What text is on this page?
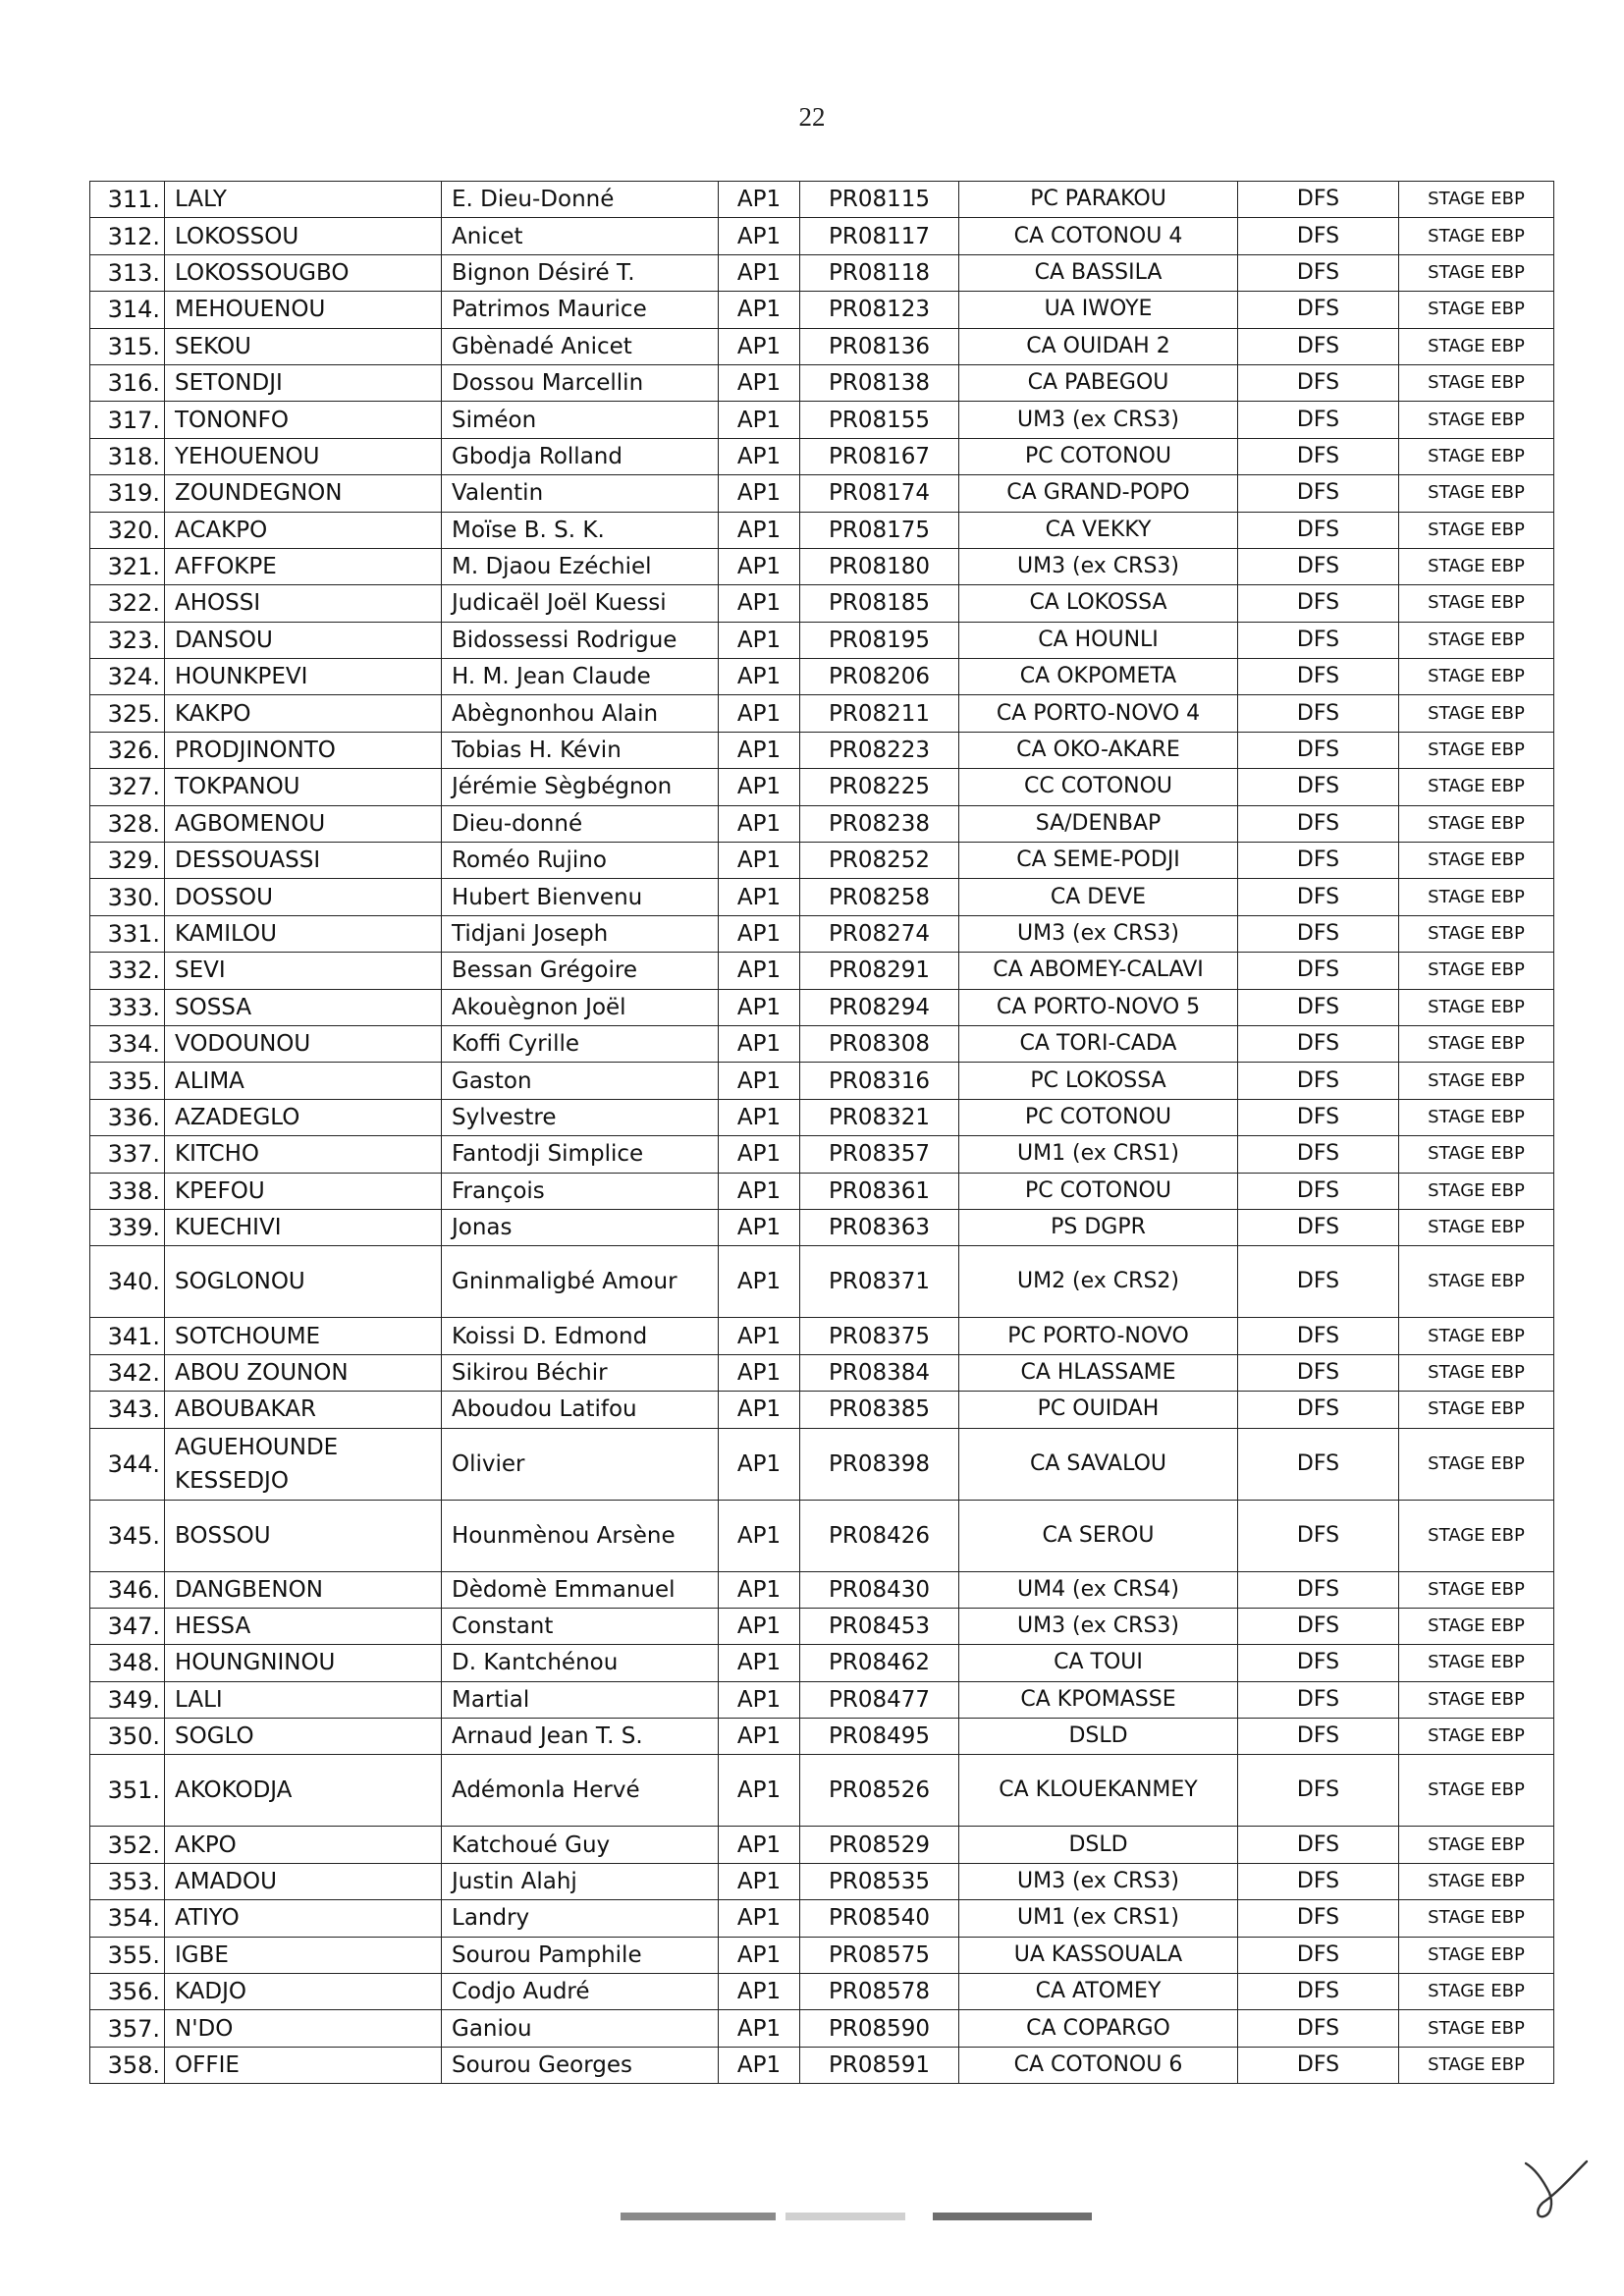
22
311.	LALY	E. Dieu-Donné	AP1	PR08115	PC PARAKOU	DFS	STAGE EBP
312.	LOKOSSOU	Anicet	AP1	PR08117	CA COTONOU 4	DFS	STAGE EBP
313.	LOKOSSOUGBO	Bignon Désiré T.	AP1	PR08118	CA BASSILA	DFS	STAGE EBP
314.	MEHOUENOU	Patrimos Maurice	AP1	PR08123	UA IWOYE	DFS	STAGE EBP
315.	SEKOU	Gbènadé Anicet	AP1	PR08136	CA OUIDAH 2	DFS	STAGE EBP
316.	SETONDJI	Dossou Marcellin	AP1	PR08138	CA PABEGOU	DFS	STAGE EBP
317.	TONONFO	Siméon	AP1	PR08155	UM3 (ex CRS3)	DFS	STAGE EBP
318.	YEHOUENOU	Gbodja Rolland	AP1	PR08167	PC COTONOU	DFS	STAGE EBP
319.	ZOUNDEGNON	Valentin	AP1	PR08174	CA GRAND-POPO	DFS	STAGE EBP
320.	ACAKPO	Moïse B. S. K.	AP1	PR08175	CA VEKKY	DFS	STAGE EBP
321.	AFFOKPE	M. Djaou Ezéchiel	AP1	PR08180	UM3 (ex CRS3)	DFS	STAGE EBP
322.	AHOSSI	Judicaël Joël Kuessi	AP1	PR08185	CA LOKOSSA	DFS	STAGE EBP
323.	DANSOU	Bidossessi Rodrigue	AP1	PR08195	CA HOUNLI	DFS	STAGE EBP
324.	HOUNKPEVI	H. M. Jean Claude	AP1	PR08206	CA OKPOMETA	DFS	STAGE EBP
325.	KAKPO	Abègnonhou Alain	AP1	PR08211	CA PORTO-NOVO 4	DFS	STAGE EBP
326.	PRODJINONTO	Tobias H. Kévin	AP1	PR08223	CA OKO-AKARE	DFS	STAGE EBP
327.	TOKPANOU	Jérémie Sègbégnon	AP1	PR08225	CC COTONOU	DFS	STAGE EBP
328.	AGBOMENOU	Dieu-donné	AP1	PR08238	SA/DENBAP	DFS	STAGE EBP
329.	DESSOUASSI	Roméo Rujino	AP1	PR08252	CA SEME-PODJI	DFS	STAGE EBP
330.	DOSSOU	Hubert Bienvenu	AP1	PR08258	CA DEVE	DFS	STAGE EBP
331.	KAMILOU	Tidjani Joseph	AP1	PR08274	UM3 (ex CRS3)	DFS	STAGE EBP
332.	SEVI	Bessan Grégoire	AP1	PR08291	CA ABOMEY-CALAVI	DFS	STAGE EBP
333.	SOSSA	Akouègnon Joël	AP1	PR08294	CA PORTO-NOVO 5	DFS	STAGE EBP
334.	VODOUNOU	Koffi Cyrille	AP1	PR08308	CA TORI-CADA	DFS	STAGE EBP
335.	ALIMA	Gaston	AP1	PR08316	PC LOKOSSA	DFS	STAGE EBP
336.	AZADEGLO	Sylvestre	AP1	PR08321	PC COTONOU	DFS	STAGE EBP
337.	KITCHO	Fantodji Simplice	AP1	PR08357	UM1 (ex CRS1)	DFS	STAGE EBP
338.	KPEFOU	François	AP1	PR08361	PC COTONOU	DFS	STAGE EBP
339.	KUECHIVI	Jonas	AP1	PR08363	PS DGPR	DFS	STAGE EBP
340.	SOGLONOU	Gninmaligbé Amour	AP1	PR08371	UM2 (ex CRS2)	DFS	STAGE EBP
341.	SOTCHOUME	Koissi D. Edmond	AP1	PR08375	PC PORTO-NOVO	DFS	STAGE EBP
342.	ABOU ZOUNON	Sikirou Béchir	AP1	PR08384	CA HLASSAME	DFS	STAGE EBP
343.	ABOUBAKAR	Aboudou Latifou	AP1	PR08385	PC OUIDAH	DFS	STAGE EBP
344.	AGUEHOUNDE KESSEDJO	Olivier	AP1	PR08398	CA SAVALOU	DFS	STAGE EBP
345.	BOSSOU	Hounmènou Arsène	AP1	PR08426	CA SEROU	DFS	STAGE EBP
346.	DANGBENON	Dèdomè Emmanuel	AP1	PR08430	UM4 (ex CRS4)	DFS	STAGE EBP
347.	HESSA	Constant	AP1	PR08453	UM3 (ex CRS3)	DFS	STAGE EBP
348.	HOUNGNINOU	D. Kantchénou	AP1	PR08462	CA TOUI	DFS	STAGE EBP
349.	LALI	Martial	AP1	PR08477	CA KPOMASSE	DFS	STAGE EBP
350.	SOGLO	Arnaud Jean T. S.	AP1	PR08495	DSLD	DFS	STAGE EBP
351.	AKOKODJA	Adémonla Hervé	AP1	PR08526	CA KLOUEKANMEY	DFS	STAGE EBP
352.	AKPO	Katchoué Guy	AP1	PR08529	DSLD	DFS	STAGE EBP
353.	AMADOU	Justin Alahj	AP1	PR08535	UM3 (ex CRS3)	DFS	STAGE EBP
354.	ATIYO	Landry	AP1	PR08540	UM1 (ex CRS1)	DFS	STAGE EBP
355.	IGBE	Sourou Pamphile	AP1	PR08575	UA KASSOUALA	DFS	STAGE EBP
356.	KADJO	Codjo Audré	AP1	PR08578	CA ATOMEY	DFS	STAGE EBP
357.	N'DO	Ganiou	AP1	PR08590	CA COPARGO	DFS	STAGE EBP
358.	OFFIE	Sourou Georges	AP1	PR08591	CA COTONOU 6	DFS	STAGE EBP
